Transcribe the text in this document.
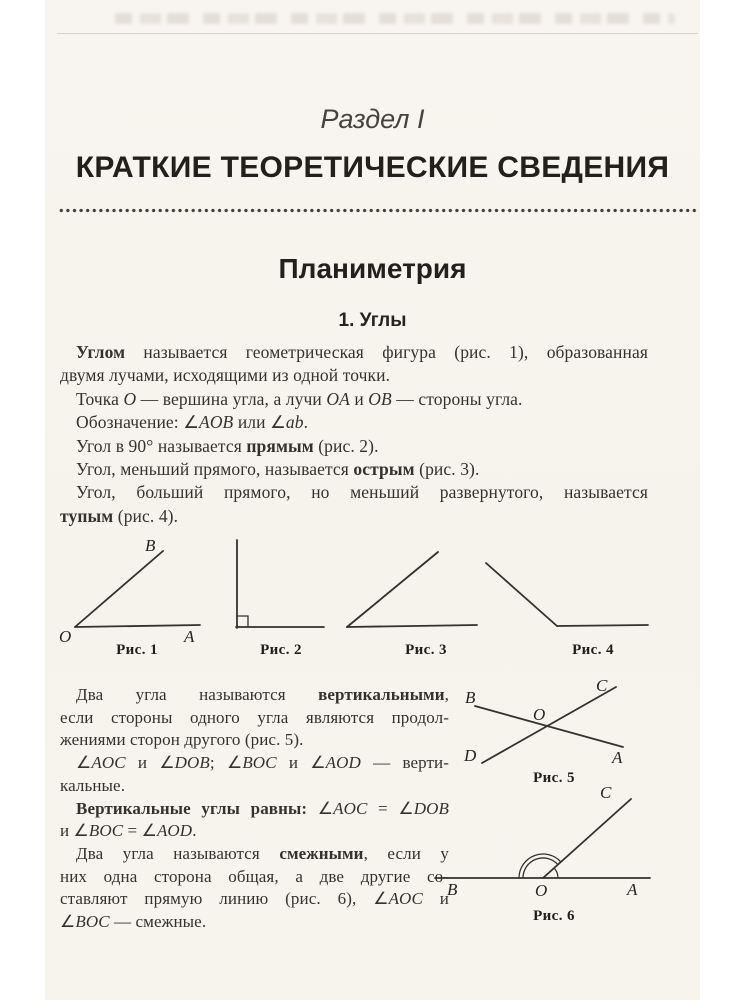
Раздел I
КРАТКИЕ ТЕОРЕТИЧЕСКИЕ СВЕДЕНИЯ
Планиметрия
1. Углы
Углом называется геометрическая фигура (рис. 1), образованная
двумя лучами, исходящими из одной точки.
Точка O — вершина угла, а лучи OA и OB — стороны угла.
Обозначение: ∠AOB или ∠ab.
Угол в 90° называется прямым (рис. 2).
Угол, меньший прямого, называется острым (рис. 3).
Угол, больший прямого, но меньший развернутого, называется
тупым (рис. 4).
B
O	A
Рис. 1	Рис. 2	Рис. 3	Рис. 4
Два угла называются вертикальными,
если стороны одного угла являются продол-
жениями сторон другого (рис. 5).
∠AOC и ∠DOB; ∠BOC и ∠AOD — верти-
кальные.
Вертикальные углы равны: ∠AOC = ∠DOB
и ∠BOC = ∠AOD.
Два угла называются смежными, если у
них одна сторона общая, а две другие со-
ставляют прямую линию (рис. 6), ∠AOC и
∠BOC — смежные.
B
C
O
D	A
Рис. 5
C
B	O	A
Рис. 6
